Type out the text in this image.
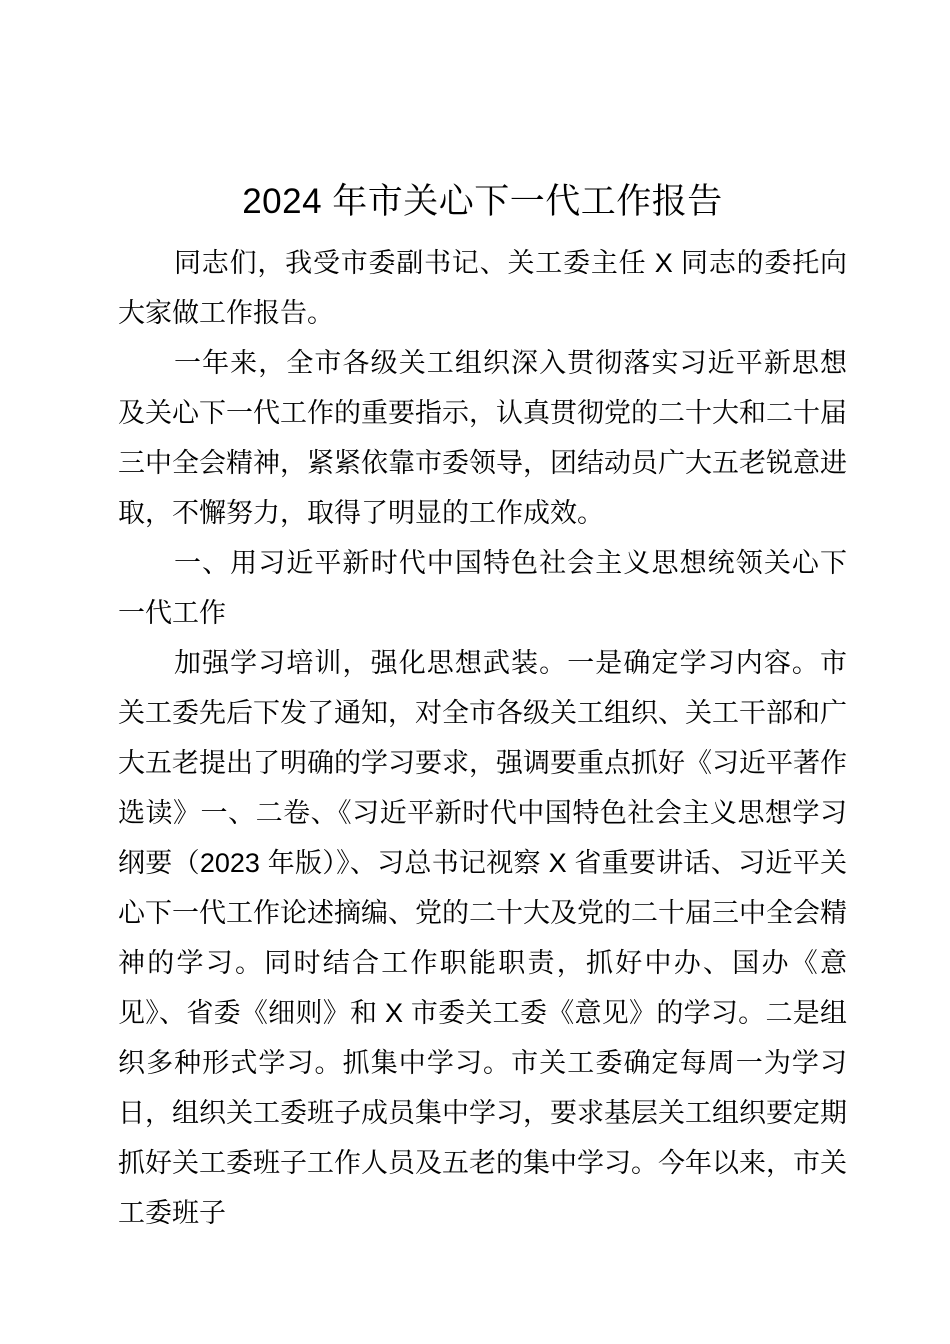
2024 年市关心下一代工作报告

同志们，我受市委副书记、关工委主任 X 同志的委托向大家做工作报告。

一年来，全市各级关工组织深入贯彻落实习近平新思想及关心下一代工作的重要指示，认真贯彻党的二十大和二十届三中全会精神，紧紧依靠市委领导，团结动员广大五老锐意进取，不懈努力，取得了明显的工作成效。

一、用习近平新时代中国特色社会主义思想统领关心下一代工作

加强学习培训，强化思想武装。一是确定学习内容。市关工委先后下发了通知，对全市各级关工组织、关工干部和广大五老提出了明确的学习要求，强调要重点抓好《习近平著作选读》一、二卷、《习近平新时代中国特色社会主义思想学习纲要（2023 年版）》、习总书记视察 X 省重要讲话、习近平关心下一代工作论述摘编、党的二十大及党的二十届三中全会精神的学习。同时结合工作职能职责，抓好中办、国办《意见》、省委《细则》和 X 市委关工委《意见》的学习。二是组织多种形式学习。抓集中学习。市关工委确定每周一为学习日，组织关工委班子成员集中学习，要求基层关工组织要定期抓好关工委班子工作人员及五老的集中学习。今年以来，市关工委班子
